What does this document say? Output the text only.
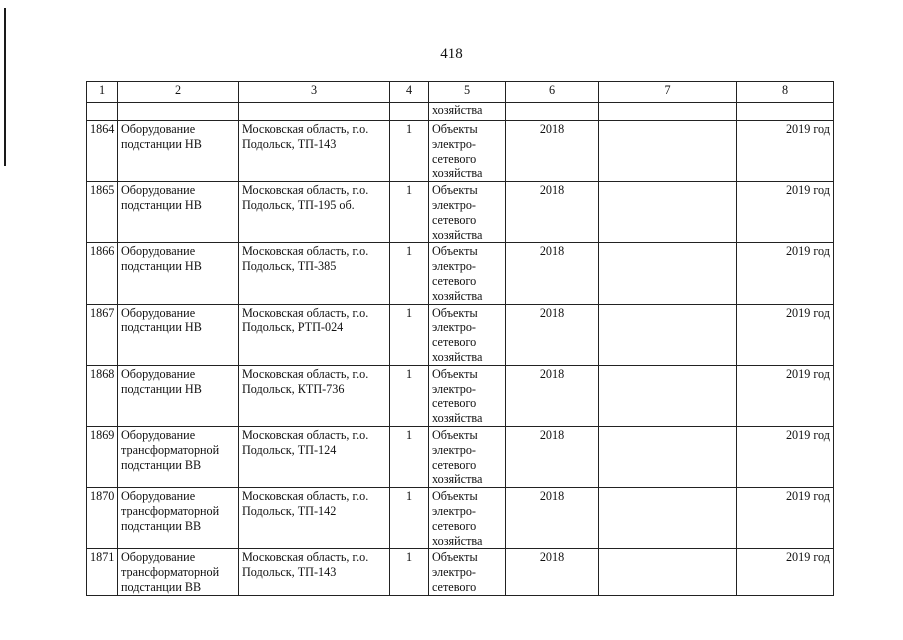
418
1	2	3	4	5	6	7	8
				хозяйства			
1864	Оборудование подстанции НВ	Московская область, г.о. Подольск, ТП-143	1	Объекты электро-сетевого хозяйства	2018		2019 год
1865	Оборудование подстанции НВ	Московская область, г.о. Подольск, ТП-195 об.	1	Объекты электро-сетевого хозяйства	2018		2019 год
1866	Оборудование подстанции НВ	Московская область, г.о. Подольск, ТП-385	1	Объекты электро-сетевого хозяйства	2018		2019 год
1867	Оборудование подстанции НВ	Московская область, г.о. Подольск, РТП-024	1	Объекты электро-сетевого хозяйства	2018		2019 год
1868	Оборудование подстанции НВ	Московская область, г.о. Подольск, КТП-736	1	Объекты электро-сетевого хозяйства	2018		2019 год
1869	Оборудование трансформаторной подстанции ВВ	Московская область, г.о. Подольск, ТП-124	1	Объекты электро-сетевого хозяйства	2018		2019 год
1870	Оборудование трансформаторной подстанции ВВ	Московская область, г.о. Подольск, ТП-142	1	Объекты электро-сетевого хозяйства	2018		2019 год
1871	Оборудование трансформаторной подстанции ВВ	Московская область, г.о. Подольск, ТП-143	1	Объекты электро-сетевого	2018		2019 год
